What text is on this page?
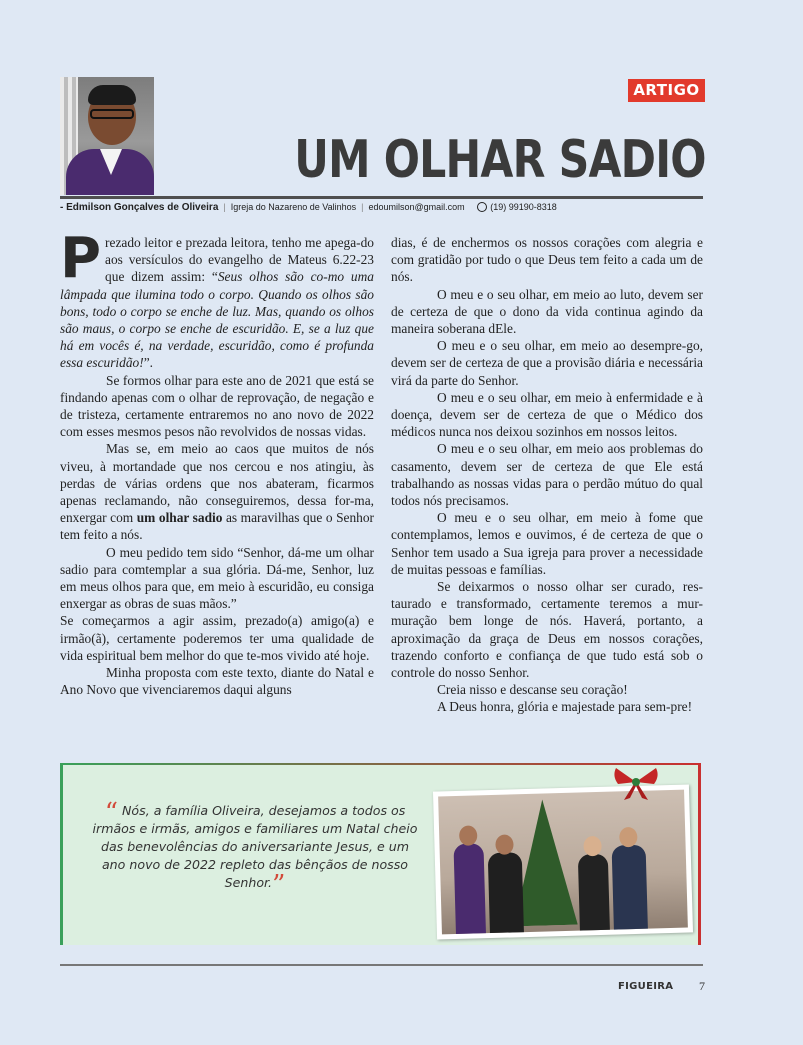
ARTIGO
UM OLHAR SADIO
- Edmilson Gonçalves de Oliveira | Igreja do Nazareno de Valinhos | edoumilson@gmail.com	(19) 99190-8318

Prezado leitor e prezada leitora, tenho me apega-do aos versículos do evangelho de Mateus 6.22-23 que dizem assim: “Seus olhos são co-mo uma lâmpada que ilumina todo o corpo. Quando os olhos são bons, todo o corpo se enche de luz. Mas, quando os olhos são maus, o corpo se enche de escuridão. E, se a luz que há em vocês é, na verdade, escuridão, como é profunda essa escuridão!”.

Se formos olhar para este ano de 2021 que está se findando apenas com o olhar de reprovação, de negação e de tristeza, certamente entraremos no ano novo de 2022 com esses mesmos pesos não revolvidos de nossas vidas.

Mas se, em meio ao caos que muitos de nós viveu, à mortandade que nos cercou e nos atingiu, às perdas de várias ordens que nos abateram, ficarmos apenas reclamando, não conseguiremos, dessa for-ma, enxergar com um olhar sadio as maravilhas que o Senhor tem feito a nós.

O meu pedido tem sido “Senhor, dá-me um olhar sadio para comtemplar a sua glória. Dá-me, Senhor, luz em meus olhos para que, em meio à escuridão, eu consiga enxergar as obras de suas mãos.”

Se começarmos a agir assim, prezado(a) amigo(a) e irmão(ã), certamente poderemos ter uma qualidade de vida espiritual bem melhor do que te-mos vivido até hoje.

Minha proposta com este texto, diante do Natal e Ano Novo que vivenciaremos daqui alguns

dias, é de enchermos os nossos corações com alegria e com gratidão por tudo o que Deus tem feito a cada um de nós.

O meu e o seu olhar, em meio ao luto, devem ser de certeza de que o dono da vida continua agindo da maneira soberana dEle.

O meu e o seu olhar, em meio ao desempre-go, devem ser de certeza de que a provisão diária e necessária virá da parte do Senhor.

O meu e o seu olhar, em meio à enfermidade e à doença, devem ser de certeza de que o Médico dos médicos nunca nos deixou sozinhos em nossos leitos.

O meu e o seu olhar, em meio aos problemas do casamento, devem ser de certeza de que Ele está trabalhando as nossas vidas para o perdão mútuo do qual todos nós precisamos.

O meu e o seu olhar, em meio à fome que contemplamos, lemos e ouvimos, é de certeza de que o Senhor tem usado a Sua igreja para prover a necessidade de muitas pessoas e famílias.

Se deixarmos o nosso olhar ser curado, res-taurado e transformado, certamente teremos a mur-muração bem longe de nós. Haverá, portanto, a aproximação da graça de Deus em nossos corações, trazendo conforto e confiança de que tudo está sob o controle do nosso Senhor.

Creia nisso e descanse seu coração!

A Deus honra, glória e majestade para sem-pre!

“ Nós, a família Oliveira, desejamos a todos os irmãos e irmãs, amigos e familiares um Natal cheio das benevolências do aniversariante Jesus, e um ano novo de 2022 repleto das bênçãos de nosso Senhor.”
FIGUEIRA 7
